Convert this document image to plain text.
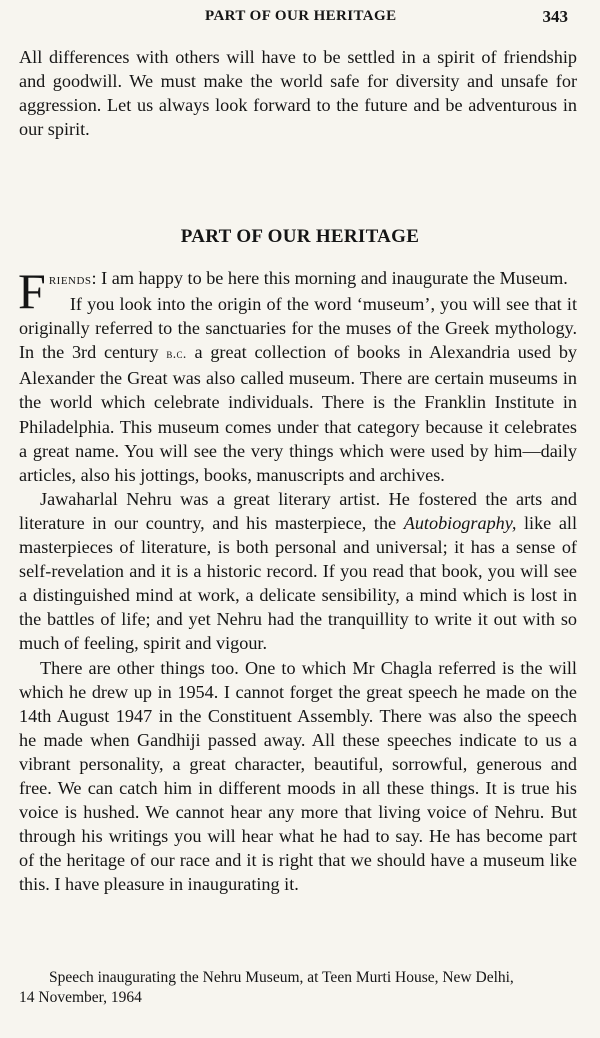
PART OF OUR HERITAGE	343

All differences with others will have to be settled in a spirit of friendship and goodwill. We must make the world safe for diversity and unsafe for aggression. Let us always look forward to the future and be adventurous in our spirit.

PART OF OUR HERITAGE

Friends: I am happy to be here this morning and inaugurate the Museum.

If you look into the origin of the word ‘museum’, you will see that it originally referred to the sanctuaries for the muses of the Greek mythology. In the 3rd century b.c. a great collection of books in Alexandria used by Alexander the Great was also called museum. There are certain museums in the world which celebrate individuals. There is the Franklin Institute in Philadelphia. This museum comes under that category because it celebrates a great name. You will see the very things which were used by him—daily articles, also his jottings, books, manuscripts and archives.

Jawaharlal Nehru was a great literary artist. He fostered the arts and literature in our country, and his masterpiece, the Autobiography, like all masterpieces of literature, is both personal and universal; it has a sense of self-revelation and it is a historic record. If you read that book, you will see a distinguished mind at work, a delicate sensibility, a mind which is lost in the battles of life; and yet Nehru had the tranquillity to write it out with so much of feeling, spirit and vigour.

There are other things too. One to which Mr Chagla referred is the will which he drew up in 1954. I cannot forget the great speech he made on the 14th August 1947 in the Constituent Assembly. There was also the speech he made when Gandhiji passed away. All these speeches indicate to us a vibrant personality, a great character, beautiful, sorrowful, generous and free. We can catch him in different moods in all these things. It is true his voice is hushed. We cannot hear any more that living voice of Nehru. But through his writings you will hear what he had to say. He has become part of the heritage of our race and it is right that we should have a museum like this. I have pleasure in inaugurating it.

Speech inaugurating the Nehru Museum, at Teen Murti House, New Delhi,
14 November, 1964
